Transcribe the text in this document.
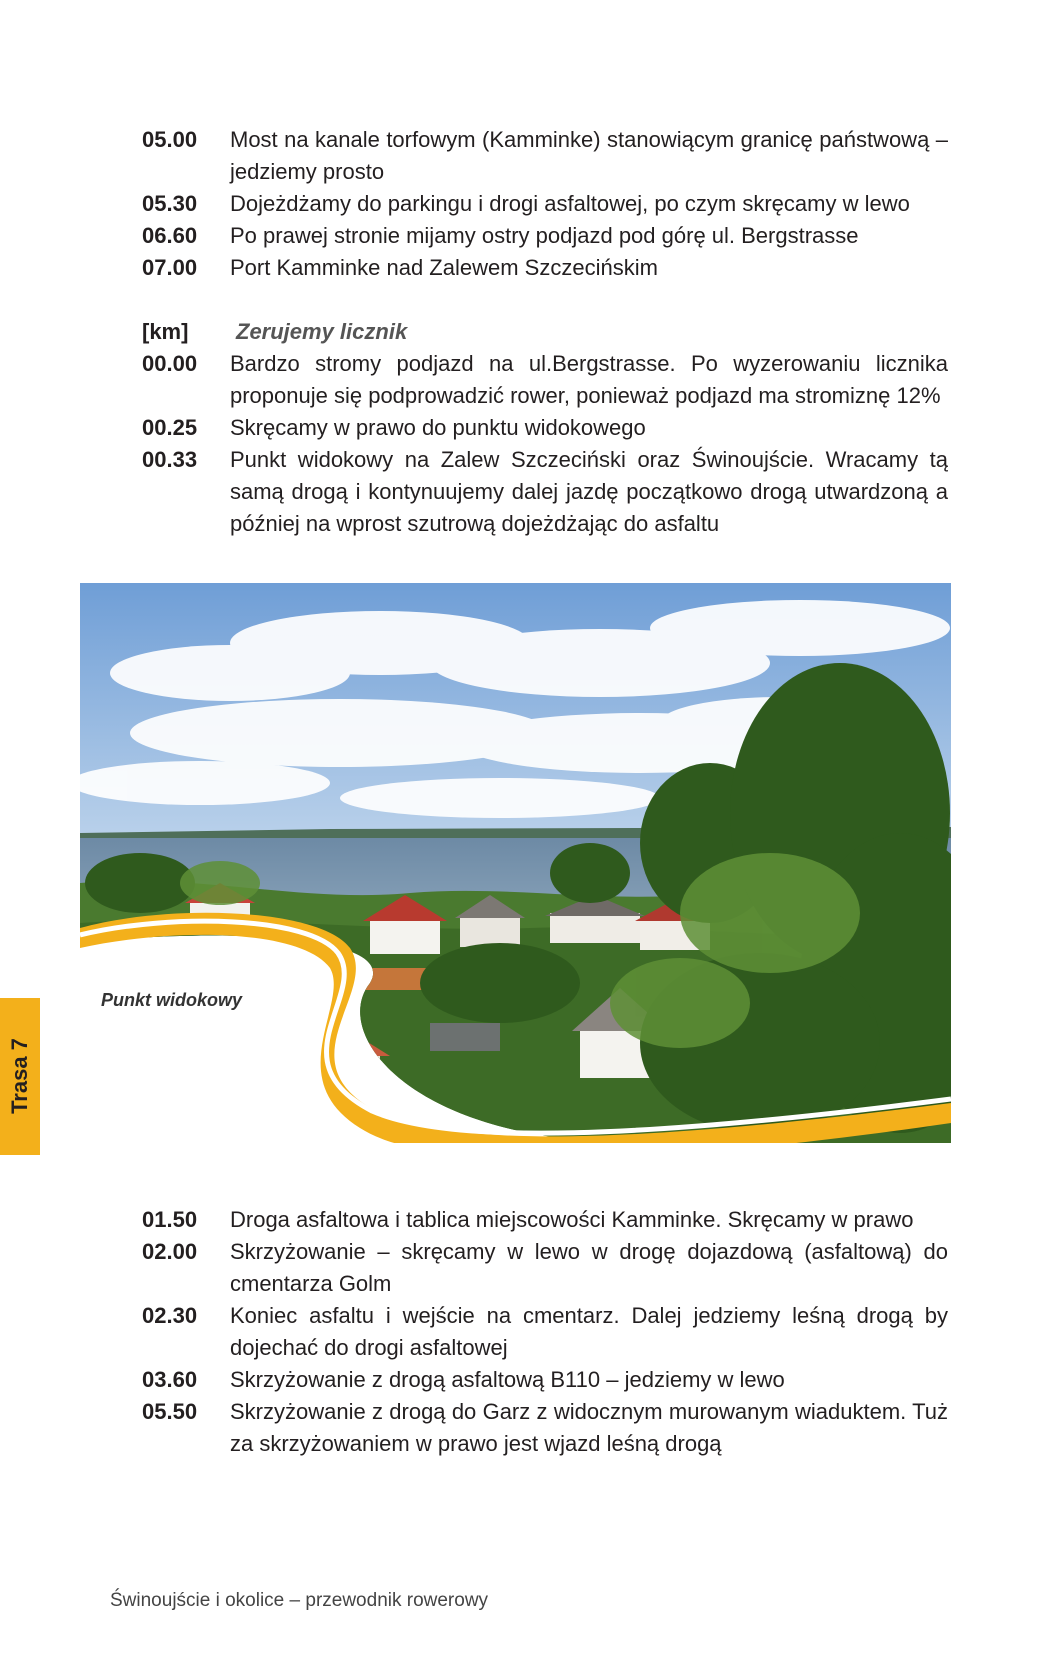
05.00	Most na kanale torfowym (Kamminke) stanowiącym granicę państwową – jedziemy prosto
05.30	Dojeżdżamy do parkingu i drogi asfaltowej, po czym skręcamy w lewo
06.60	Po prawej stronie mijamy ostry podjazd pod górę ul. Bergstrasse
07.00	Port Kamminke nad Zalewem Szczecińskim
[km]	Zerujemy licznik
00.00	Bardzo stromy podjazd na ul.Bergstrasse. Po wyzerowaniu licznika proponuje się podprowadzić rower, ponieważ podjazd ma stromiznę 12%
00.25	Skręcamy w prawo do punktu widokowego
00.33	Punkt widokowy na Zalew Szczeciński oraz Świnoujście. Wracamy tą samą drogą i kontynuujemy dalej jazdę początkowo drogą utwardzoną a później na wprost szutrową dojeżdżając do asfaltu
Punkt widokowy
Trasa 7
01.50	Droga asfaltowa i tablica miejscowości Kamminke. Skręcamy w prawo
02.00	Skrzyżowanie – skręcamy w lewo w drogę dojazdową (asfaltową) do cmentarza Golm
02.30	Koniec asfaltu i wejście na cmentarz. Dalej jedziemy leśną drogą by dojechać do drogi asfaltowej
03.60	Skrzyżowanie z drogą asfaltową B110 – jedziemy w lewo
05.50	Skrzyżowanie z drogą do Garz z widocznym murowanym wiaduktem. Tuż za skrzyżowaniem w prawo jest wjazd leśną drogą
Świnoujście i okolice – przewodnik rowerowy
